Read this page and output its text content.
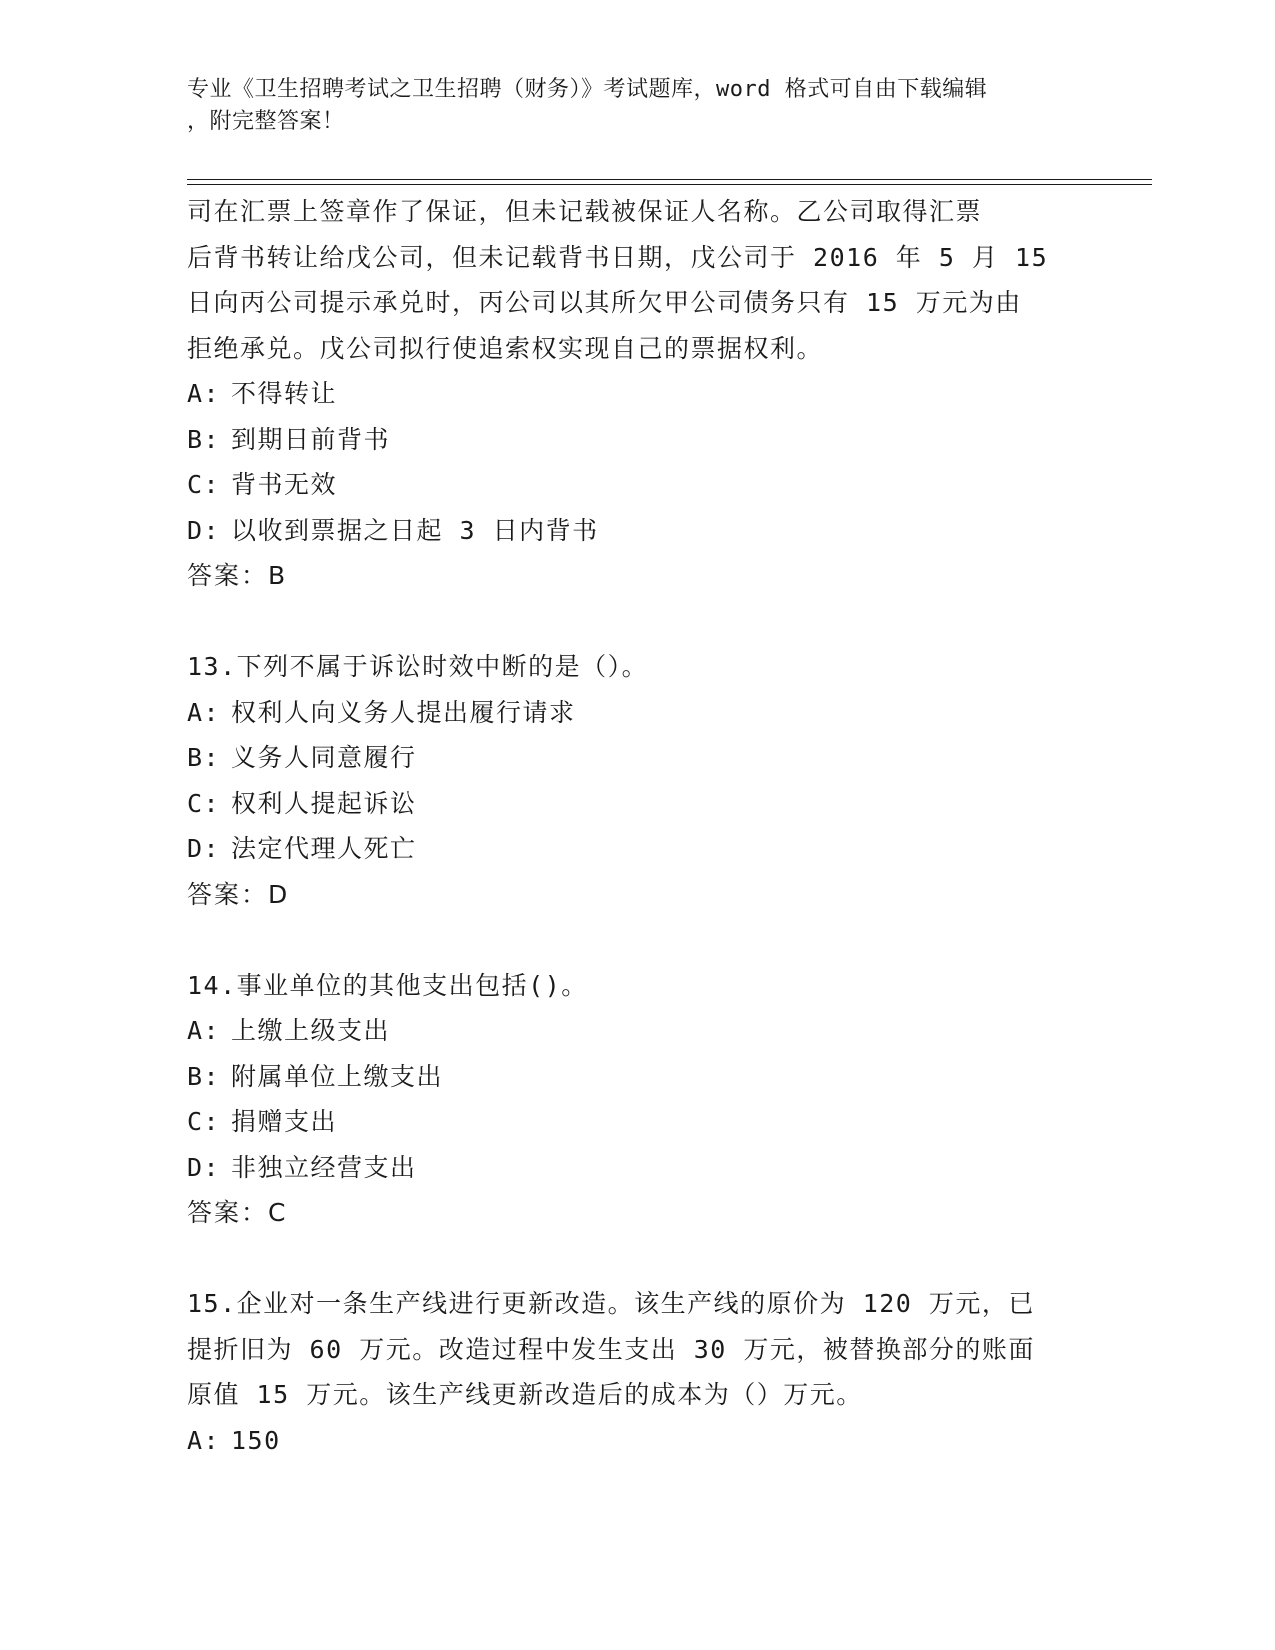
专业《卫生招聘考试之卫生招聘（财务）》考试题库，word 格式可自由下载编辑
，附完整答案！
司在汇票上签章作了保证，但未记载被保证人名称。乙公司取得汇票
后背书转让给戊公司，但未记载背书日期，戊公司于 2016 年 5 月 15
日向丙公司提示承兑时，丙公司以其所欠甲公司债务只有 15 万元为由
拒绝承兑。戊公司拟行使追索权实现自己的票据权利。
A: 不得转让
B: 到期日前背书
C: 背书无效
D: 以收到票据之日起 3 日内背书
答案：B
13.下列不属于诉讼时效中断的是（）。
A: 权利人向义务人提出履行请求
B: 义务人同意履行
C: 权利人提起诉讼
D: 法定代理人死亡
答案：D
14.事业单位的其他支出包括()。
A: 上缴上级支出
B: 附属单位上缴支出
C: 捐赠支出
D: 非独立经营支出
答案：C
15.企业对一条生产线进行更新改造。该生产线的原价为 120 万元，已
提折旧为 60 万元。改造过程中发生支出 30 万元，被替换部分的账面
原值 15 万元。该生产线更新改造后的成本为（）万元。
A: 150
